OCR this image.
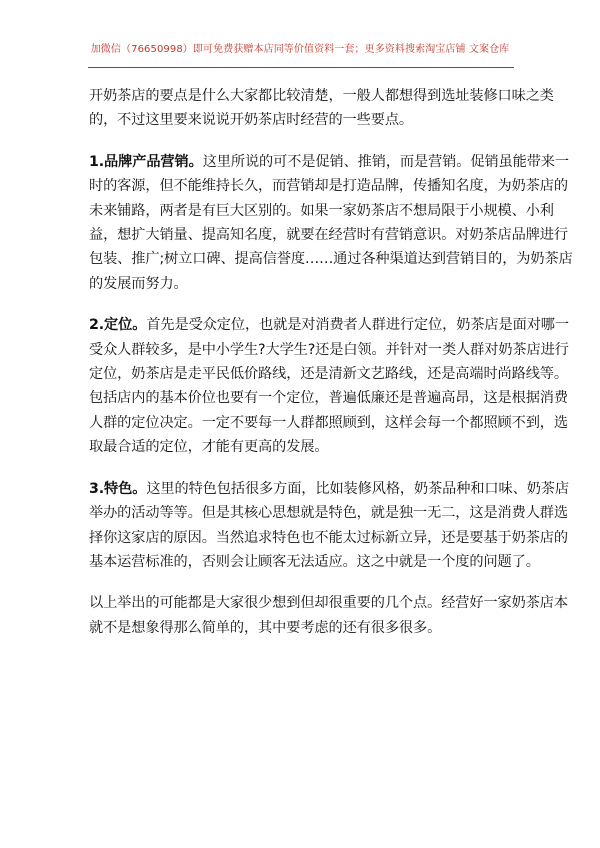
加微信（76650998）即可免费获赠本店同等价值资料一套；更多资料搜索淘宝店铺 文案仓库

开奶茶店的要点是什么大家都比较清楚，一般人都想得到选址装修口味之类
的，不过这里要来说说开奶茶店时经营的一些要点。

1.品牌产品营销。这里所说的可不是促销、推销，而是营销。促销虽能带来一
时的客源，但不能维持长久，而营销却是打造品牌，传播知名度，为奶茶店的
未来铺路，两者是有巨大区别的。如果一家奶茶店不想局限于小规模、小利
益，想扩大销量、提高知名度，就要在经营时有营销意识。对奶茶店品牌进行
包装、推广;树立口碑、提高信誉度……通过各种渠道达到营销目的，为奶茶店
的发展而努力。

2.定位。首先是受众定位，也就是对消费者人群进行定位，奶茶店是面对哪一
受众人群较多，是中小学生?大学生?还是白领。并针对一类人群对奶茶店进行
定位，奶茶店是走平民低价路线，还是清新文艺路线，还是高端时尚路线等。
包括店内的基本价位也要有一个定位，普遍低廉还是普遍高昂，这是根据消费
人群的定位决定。一定不要每一人群都照顾到，这样会每一个都照顾不到，选
取最合适的定位，才能有更高的发展。

3.特色。这里的特色包括很多方面，比如装修风格，奶茶品种和口味、奶茶店
举办的活动等等。但是其核心思想就是特色，就是独一无二，这是消费人群选
择你这家店的原因。当然追求特色也不能太过标新立异，还是要基于奶茶店的
基本运营标准的，否则会让顾客无法适应。这之中就是一个度的问题了。

以上举出的可能都是大家很少想到但却很重要的几个点。经营好一家奶茶店本
就不是想象得那么简单的，其中要考虑的还有很多很多。
